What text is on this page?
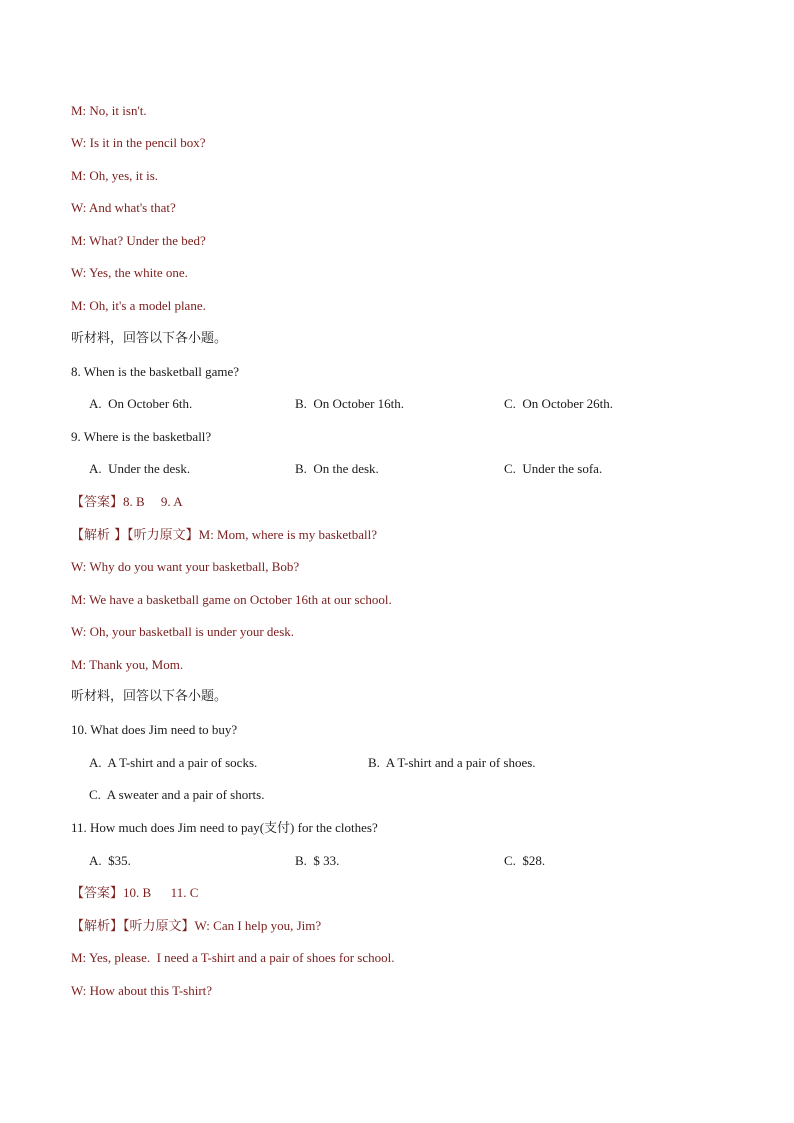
M: No, it isn't.
W: Is it in the pencil box?
M: Oh, yes, it is.
W: And what's that?
M: What? Under the bed?
W: Yes, the white one.
M: Oh, it's a model plane.
听材料，回答以下各小题。
8. When is the basketball game?
A.  On October 6th.	B.  On October 16th.	C.  On October 26th.
9. Where is the basketball?
A.  Under the desk.	B.  On the desk.	C.  Under the sofa.
【答案】8. B     9. A
【解析 】【听力原文】M: Mom, where is my basketball?
W: Why do you want your basketball, Bob?
M: We have a basketball game on October 16th at our school.
W: Oh, your basketball is under your desk.
M: Thank you, Mom.
听材料，回答以下各小题。
10. What does Jim need to buy?
A.  A T-shirt and a pair of socks.	B.  A T-shirt and a pair of shoes.
C.  A sweater and a pair of shorts.
11. How much does Jim need to pay(支付) for the clothes?
A.  $35.	B.  $ 33.	C.  $28.
【答案】10. B      11. C
【解析】【听力原文】W: Can I help you, Jim?
M: Yes, please.  I need a T-shirt and a pair of shoes for school.
W: How about this T-shirt?
